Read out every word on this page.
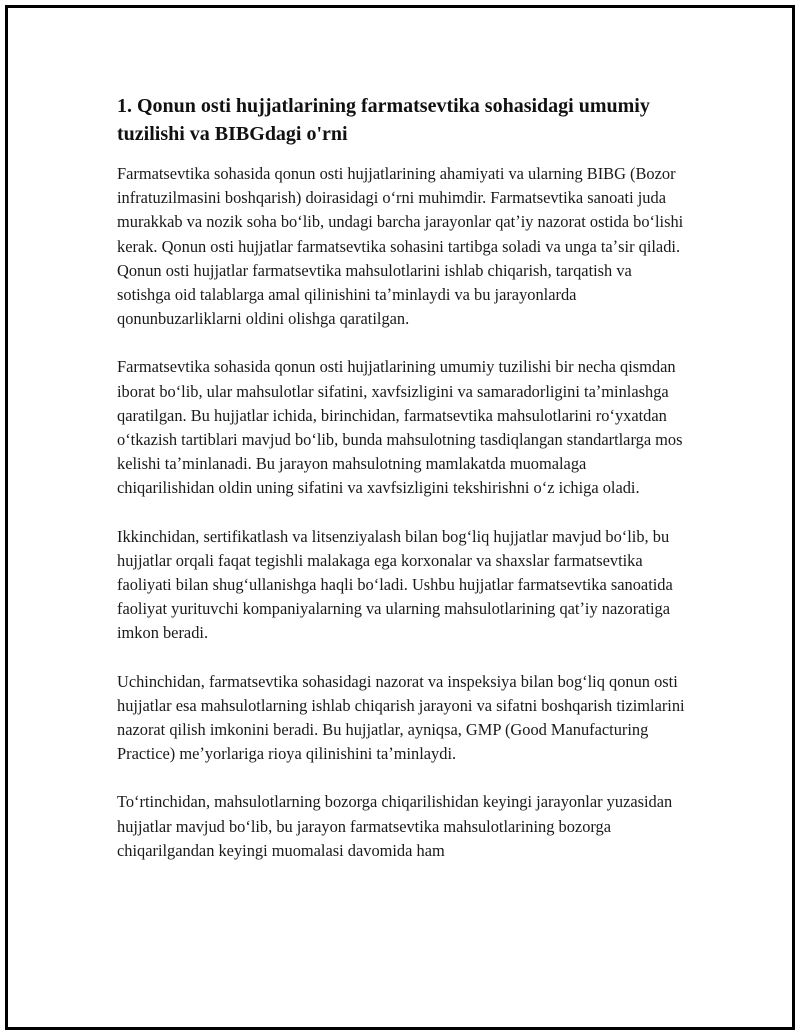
1. Qonun osti hujjatlarining farmatsevtika sohasidagi umumiy tuzilishi va BIBGdagi o'rni

Farmatsevtika sohasida qonun osti hujjatlarining ahamiyati va ularning BIBG (Bozor infratuzilmasini boshqarish) doirasidagi oʻrni muhimdir. Farmatsevtika sanoati juda murakkab va nozik soha boʻlib, undagi barcha jarayonlar qatʼiy nazorat ostida boʻlishi kerak. Qonun osti hujjatlar farmatsevtika sohasini tartibga soladi va unga taʼsir qiladi. Qonun osti hujjatlar farmatsevtika mahsulotlarini ishlab chiqarish, tarqatish va sotishga oid talablarga amal qilinishini taʼminlaydi va bu jarayonlarda qonunbuzarliklarni oldini olishga qaratilgan.

Farmatsevtika sohasida qonun osti hujjatlarining umumiy tuzilishi bir necha qismdan iborat boʻlib, ular mahsulotlar sifatini, xavfsizligini va samaradorligini taʼminlashga qaratilgan. Bu hujjatlar ichida, birinchidan, farmatsevtika mahsulotlarini roʻyxatdan oʻtkazish tartiblari mavjud boʻlib, bunda mahsulotning tasdiqlangan standartlarga mos kelishi taʼminlanadi. Bu jarayon mahsulotning mamlakatda muomalaga chiqarilishidan oldin uning sifatini va xavfsizligini tekshirishni oʻz ichiga oladi.

Ikkinchidan, sertifikatlash va litsenziyalash bilan bogʻliq hujjatlar mavjud boʻlib, bu hujjatlar orqali faqat tegishli malakaga ega korxonalar va shaxslar farmatsevtika faoliyati bilan shugʻullanishga haqli boʻladi. Ushbu hujjatlar farmatsevtika sanoatida faoliyat yurituvchi kompaniyalarning va ularning mahsulotlarining qatʼiy nazoratiga imkon beradi.

Uchinchidan, farmatsevtika sohasidagi nazorat va inspeksiya bilan bogʻliq qonun osti hujjatlar esa mahsulotlarning ishlab chiqarish jarayoni va sifatni boshqarish tizimlarini nazorat qilish imkonini beradi. Bu hujjatlar, ayniqsa, GMP (Good Manufacturing Practice) meʼyorlariga rioya qilinishini taʼminlaydi.

Toʻrtinchidan, mahsulotlarning bozorga chiqarilishidan keyingi jarayonlar yuzasidan hujjatlar mavjud boʻlib, bu jarayon farmatsevtika mahsulotlarining bozorga chiqarilgandan keyingi muomalasi davomida ham
